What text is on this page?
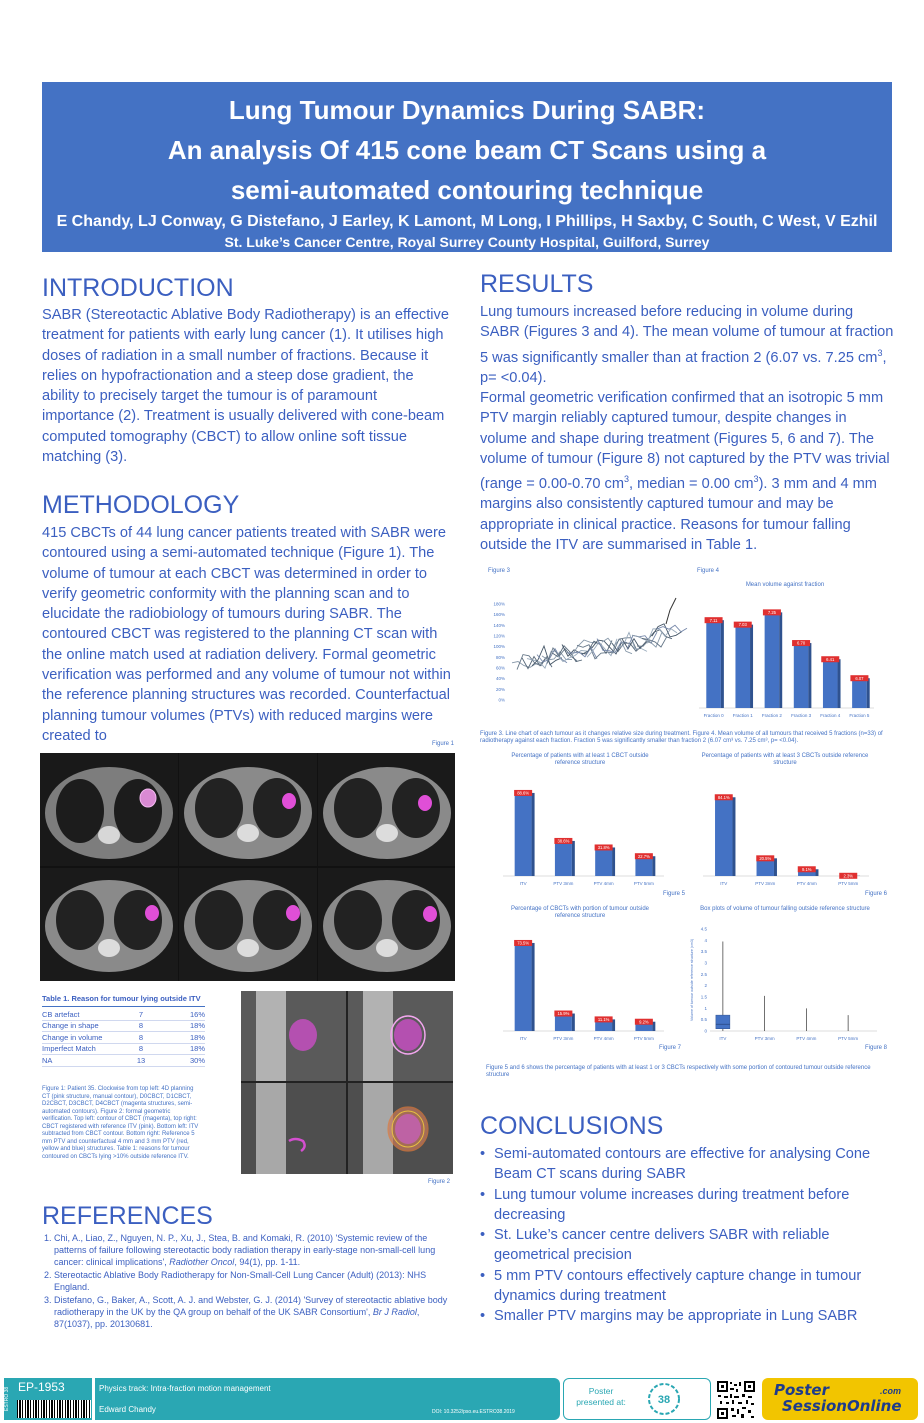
Lung Tumour Dynamics During SABR:
An analysis Of 415 cone beam CT Scans using a
semi-automated contouring technique
E Chandy, LJ Conway, G Distefano, J Earley, K Lamont, M Long, I Phillips, H Saxby, C South, C West, V Ezhil
St. Luke’s Cancer Centre, Royal Surrey County Hospital, Guilford, Surrey
INTRODUCTION
SABR (Stereotactic Ablative Body Radiotherapy) is an effective treatment for patients with early lung cancer (1). It utilises high doses of radiation in a small number of fractions. Because it relies on hypofractionation and a steep dose gradient, the ability to precisely target the tumour is of paramount importance (2). Treatment is usually delivered with cone-beam computed tomography (CBCT) to allow online soft tissue matching (3).
METHODOLOGY
415 CBCTs of 44 lung cancer patients treated with SABR were contoured using a semi-automated technique (Figure 1). The volume of tumour at each CBCT was determined in order to verify geometric conformity with the planning scan and to elucidate the radiobiology of tumours during SABR. The contoured CBCT was registered to the planning CT scan with the online match used at radiation delivery. Formal geometric verification was performed and any volume of tumour not within the reference planning structures was recorded. Counterfactual planning tumour volumes (PTVs) with reduced margins were created to
Figure 1
Table 1. Reason for tumour lying outside ITV
CB artefact	7	16%
Change in shape	8	18%
Change in volume	8	18%
Imperfect Match	8	18%
NA	13	30%
Figure 1: Patient 35. Clockwise from top left: 4D planning CT (pink structure, manual contour), D0CBCT, D1CBCT, D2CBCT, D3CBCT, D4CBCT (magenta structures, semi-automated contours). Figure 2: formal geometric verification. Top left: contour of CBCT (magenta), top right: CBCT registered with reference ITV (pink). Bottom left: ITV subtracted from CBCT contour. Bottom right: Reference 5 mm PTV and counterfactual 4 mm and 3 mm PTV (red, yellow and blue) structures. Table 1: reasons for tumour contoured on CBCTs lying >10% outside reference ITV.
Figure 2
REFERENCES
1. Chi, A., Liao, Z., Nguyen, N. P., Xu, J., Stea, B. and Komaki, R. (2010) 'Systemic review of the patterns of failure following stereotactic body radiation therapy in early-stage non-small-cell lung cancer: clinical implications', Radiother Oncol, 94(1), pp. 1-11.
2. Stereotactic Ablative Body Radiotherapy for Non-Small-Cell Lung Cancer (Adult) (2013): NHS England.
3. Distefano, G., Baker, A., Scott, A. J. and Webster, G. J. (2014) 'Survey of stereotactic ablative body radiotherapy in the UK by the QA group on behalf of the UK SABR Consortium', Br J Radiol, 87(1037), pp. 20130681.
RESULTS
Lung tumours increased before reducing in volume during SABR (Figures 3 and 4). The mean volume of tumour at fraction 5 was significantly smaller than at fraction 2 (6.07 vs. 7.25 $cm^3$, p= <0.04).
Formal geometric verification confirmed that an isotropic 5 mm PTV margin reliably captured tumour, despite changes in volume and shape during treatment (Figures 5, 6 and 7). The volume of tumour (Figure 8) not captured by the PTV was trivial (range = 0.00-0.70 $cm^3$, median = 0.00 $cm^3$). 3 mm and 4 mm margins also consistently captured tumour and may be appropriate in clinical practice. Reasons for tumour falling outside the ITV are summarised in Table 1.
Figure 3
0%
20%
40%
60%
80%
100%
120%
140%
160%
180%
Figure 4
Mean volume against fraction
7.11
Fraction 0
7.03
Fraction 1
7.25
Fraction 2
6.70
Fraction 3
6.41
Fraction 4
6.07
Fraction 5
Figure 3. Line chart of each tumour as it changes relative size during treatment. Figure 4. Mean volume of all tumours that received 5 fractions (n=33) of radiotherapy against each fraction. Fraction 5 was significantly smaller than fraction 2 (6.07 cm³ vs. 7.25 cm³, p= <0.04).
Percentage of patients with at least 1 CBCT outside reference structure
88.6%
ITV
38.6%
PTV 3mm
31.8%
PTV 4mm
22.7%
PTV 5mm
Figure 5
Percentage of patients with at least 3 CBCTs outside reference structure
84.1%
ITV
20.5%
PTV 3mm
9.1%
PTV 4mm
2.3%
PTV 5mm
Figure 6
Percentage of CBCTs with portion of tumour outside reference structure
73.5%
ITV
15.9%
PTV 3mm
11.1%
PTV 4mm
9.2%
PTV 5mm
Figure 7
Box plots of volume of tumour falling outside reference structure
Volume of tumour outside reference structure (cm3)
0
0.5
1
1.5
2
2.5
3
3.5
4
4.5
ITV	PTV 3mm	PTV 4mm	PTV 5mm
Figure 8
Figure 5 and 6 shows the percentage of patients with at least 1 or 3 CBCTs respectively with some portion of contoured tumour outside reference structure
CONCLUSIONS
• Semi-automated contours are effective for analysing Cone Beam CT scans during SABR
• Lung tumour volume increases during treatment before decreasing
• St. Luke’s cancer centre delivers SABR with reliable geometrical precision
• 5 mm PTV contours effectively capture change in tumour dynamics during treatment
• Smaller PTV margins may be appropriate in Lung SABR
ESTRO 38 EP-1953	Physics track: Intra-fraction motion management
Edward Chandy	DOI: 10.3252/pso.eu.ESTRO38.2019
Poster
presented at:	38
Poster
SessionOnline
.com
